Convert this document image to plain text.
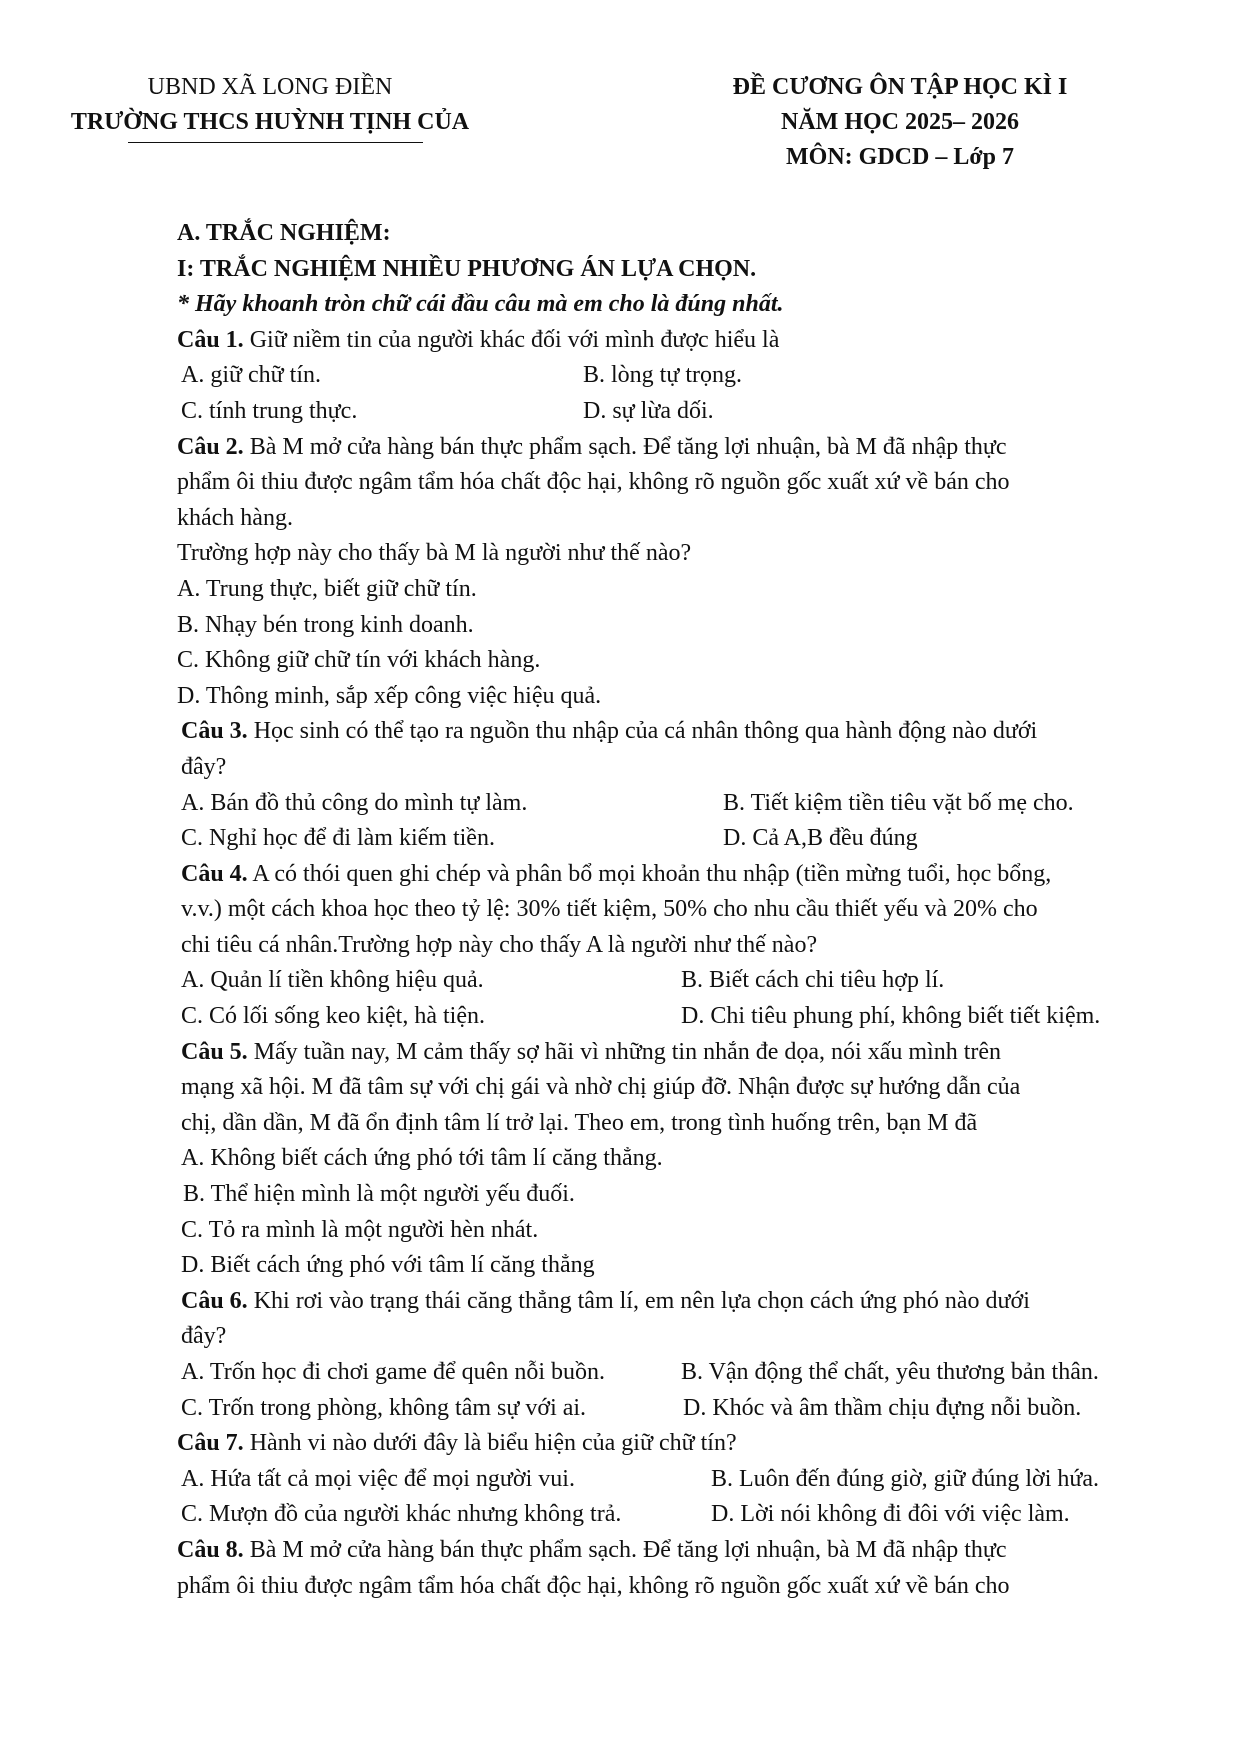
UBND XÃ LONG ĐIỀN
TRƯỜNG THCS HUỲNH TỊNH CỦA
ĐỀ CƯƠNG ÔN TẬP HỌC KÌ I
NĂM HỌC 2025– 2026
MÔN: GDCD – Lớp 7
A. TRẮC NGHIỆM:
I: TRẮC NGHIỆM NHIỀU PHƯƠNG ÁN LỰA CHỌN.
* Hãy khoanh tròn chữ cái đầu câu mà em cho là đúng nhất.
Câu 1. Giữ niềm tin của người khác đối với mình được hiểu là
A. giữ chữ tín.	B. lòng tự trọng.
C. tính trung thực.	D. sự lừa dối.
Câu 2. Bà M mở cửa hàng bán thực phẩm sạch. Để tăng lợi nhuận, bà M đã nhập thực
phẩm ôi thiu được ngâm tẩm hóa chất độc hại, không rõ nguồn gốc xuất xứ về bán cho
khách hàng.
Trường hợp này cho thấy bà M là người như thế nào?
A. Trung thực, biết giữ chữ tín.
B. Nhạy bén trong kinh doanh.
C. Không giữ chữ tín với khách hàng.
D. Thông minh, sắp xếp công việc hiệu quả.
Câu 3. Học sinh có thể tạo ra nguồn thu nhập của cá nhân thông qua hành động nào dưới
đây?
A. Bán đồ thủ công do mình tự làm.	B. Tiết kiệm tiền tiêu vặt bố mẹ cho.
C. Nghỉ học để đi làm kiếm tiền.	D. Cả A,B đều đúng
Câu 4. A có thói quen ghi chép và phân bổ mọi khoản thu nhập (tiền mừng tuổi, học bổng,
v.v.) một cách khoa học theo tỷ lệ: 30% tiết kiệm, 50% cho nhu cầu thiết yếu và 20% cho
chi tiêu cá nhân.Trường hợp này cho thấy A là người như thế nào?
A. Quản lí tiền không hiệu quả.	B. Biết cách chi tiêu hợp lí.
C. Có lối sống keo kiệt, hà tiện.	D. Chi tiêu phung phí, không biết tiết kiệm.
Câu 5. Mấy tuần nay, M cảm thấy sợ hãi vì những tin nhắn đe dọa, nói xấu mình trên
mạng xã hội. M đã tâm sự với chị gái và nhờ chị giúp đỡ. Nhận được sự hướng dẫn của
chị, dần dần, M đã ổn định tâm lí trở lại. Theo em, trong tình huống trên, bạn M đã
A. Không biết cách ứng phó tới tâm lí căng thẳng.
B. Thể hiện mình là một người yếu đuối.
C. Tỏ ra mình là một người hèn nhát.
D. Biết cách ứng phó với tâm lí căng thẳng
Câu 6. Khi rơi vào trạng thái căng thẳng tâm lí, em nên lựa chọn cách ứng phó nào dưới
đây?
A. Trốn học đi chơi game để quên nỗi buồn.	B. Vận động thể chất, yêu thương bản thân.
C. Trốn trong phòng, không tâm sự với ai.	D. Khóc và âm thầm chịu đựng nỗi buồn.
Câu 7. Hành vi nào dưới đây là biểu hiện của giữ chữ tín?
A. Hứa tất cả mọi việc để mọi người vui.	B. Luôn đến đúng giờ, giữ đúng lời hứa.
C. Mượn đồ của người khác nhưng không trả.	D. Lời nói không đi đôi với việc làm.
Câu 8. Bà M mở cửa hàng bán thực phẩm sạch. Để tăng lợi nhuận, bà M đã nhập thực
phẩm ôi thiu được ngâm tẩm hóa chất độc hại, không rõ nguồn gốc xuất xứ về bán cho
